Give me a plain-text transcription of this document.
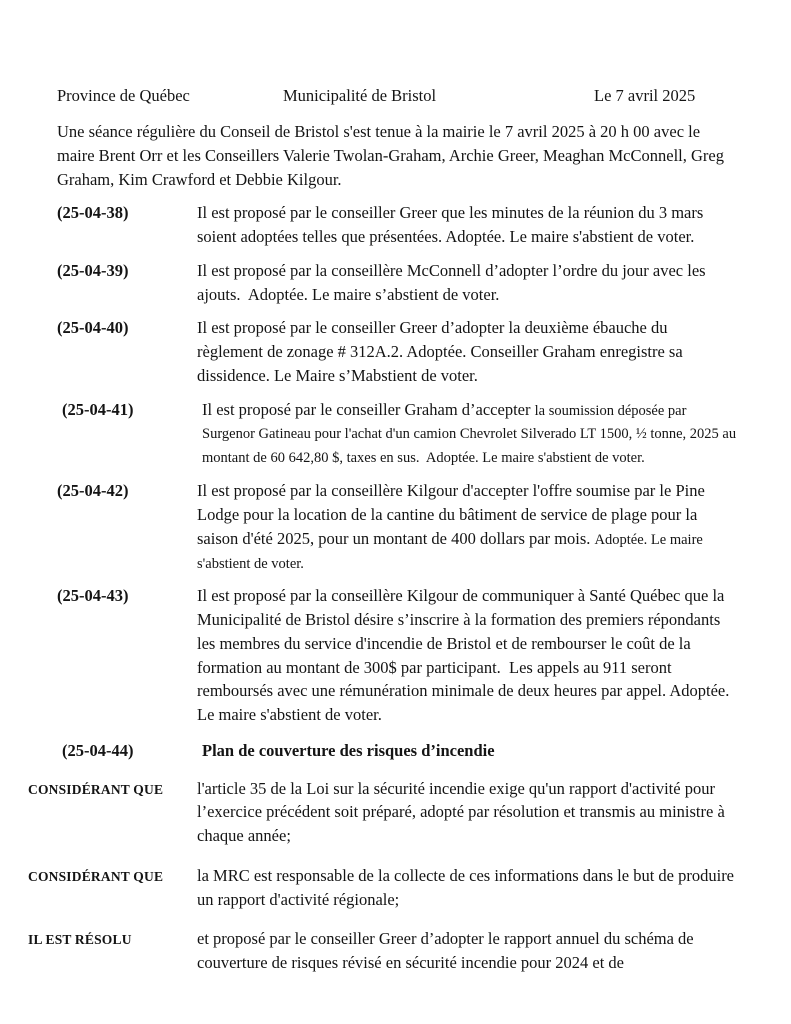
Province de Québec	Municipalité de Bristol	Le 7 avril 2025

Une séance régulière du Conseil de Bristol s'est tenue à la mairie le 7 avril 2025 à 20 h 00 avec le maire Brent Orr et les Conseillers Valerie Twolan-Graham, Archie Greer, Meaghan McConnell, Greg Graham, Kim Crawford et Debbie Kilgour.

(25-04-38)	Il est proposé par le conseiller Greer que les minutes de la réunion du 3 mars soient adoptées telles que présentées. Adoptée. Le maire s'abstient de voter.
(25-04-39)	Il est proposé par la conseillère McConnell d’adopter l’ordre du jour avec les ajouts.  Adoptée. Le maire s’abstient de voter.
(25-04-40)	Il est proposé par le conseiller Greer d’adopter la deuxième ébauche du règlement de zonage # 312A.2. Adoptée. Conseiller Graham enregistre sa dissidence. Le Maire s’Mabstient de voter.
(25-04-41)	Il est proposé par le conseiller Graham d’accepter la soumission déposée par Surgenor Gatineau pour l'achat d'un camion Chevrolet Silverado LT 1500, ½ tonne, 2025 au montant de 60 642,80 $, taxes en sus.  Adoptée. Le maire s'abstient de voter.
(25-04-42)	Il est proposé par la conseillère Kilgour d'accepter l'offre soumise par le Pine Lodge pour la location de la cantine du bâtiment de service de plage pour la saison d'été 2025, pour un montant de 400 dollars par mois. Adoptée. Le maire s'abstient de voter.
(25-04-43)	Il est proposé par la conseillère Kilgour de communiquer à Santé Québec que la Municipalité de Bristol désire s’inscrire à la formation des premiers répondants les membres du service d'incendie de Bristol et de rembourser le coût de la formation au montant de 300$ par participant.  Les appels au 911 seront remboursés avec une rémunération minimale de deux heures par appel. Adoptée. Le maire s'abstient de voter.
(25-04-44)	Plan de couverture des risques d’incendie
CONSIDÉRANT QUE	l'article 35 de la Loi sur la sécurité incendie exige qu'un rapport d'activité pour l’exercice précédent soit préparé, adopté par résolution et transmis au ministre à chaque année;
CONSIDÉRANT QUE	la MRC est responsable de la collecte de ces informations dans le but de produire un rapport d'activité régionale;
IL EST RÉSOLU	et proposé par le conseiller Greer d’adopter le rapport annuel du schéma de couverture de risques révisé en sécurité incendie pour 2024 et de
